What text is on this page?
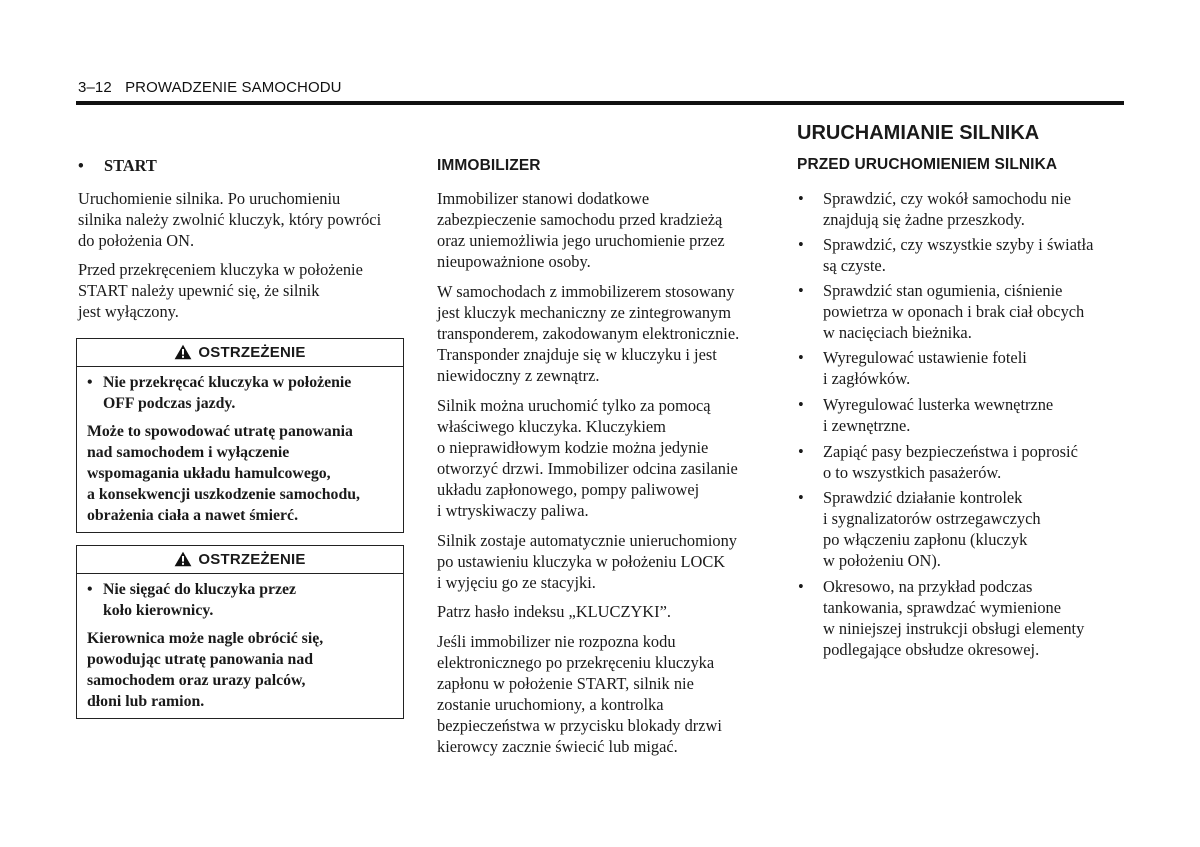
3–12 PROWADZENIE SAMOCHODU
• START
Uruchomienie silnika. Po uruchomieniu
silnika należy zwolnić kluczyk, który powróci
do położenia ON.
Przed przekręceniem kluczyka w położenie
START należy upewnić się, że silnik
jest wyłączony.
OSTRZEŻENIE
• Nie przekręcać kluczyka w położenie
OFF podczas jazdy.
Może to spowodować utratę panowania
nad samochodem i wyłączenie
wspomagania układu hamulcowego,
a konsekwencji uszkodzenie samochodu,
obrażenia ciała a nawet śmierć.
OSTRZEŻENIE
• Nie sięgać do kluczyka przez
koło kierownicy.
Kierownica może nagle obrócić się,
powodując utratę panowania nad
samochodem oraz urazy palców,
dłoni lub ramion.
IMMOBILIZER
Immobilizer stanowi dodatkowe
zabezpieczenie samochodu przed kradzieżą
oraz uniemożliwia jego uruchomienie przez
nieupoważnione osoby.
W samochodach z immobilizerem stosowany
jest kluczyk mechaniczny ze zintegrowanym
transponderem, zakodowanym elektronicznie.
Transponder znajduje się w kluczyku i jest
niewidoczny z zewnątrz.
Silnik można uruchomić tylko za pomocą
właściwego kluczyka. Kluczykiem
o nieprawidłowym kodzie można jedynie
otworzyć drzwi. Immobilizer odcina zasilanie
układu zapłonowego, pompy paliwowej
i wtryskiwaczy paliwa.
Silnik zostaje automatycznie unieruchomiony
po ustawieniu kluczyka w położeniu LOCK
i wyjęciu go ze stacyjki.
Patrz hasło indeksu „KLUCZYKI”.
Jeśli immobilizer nie rozpozna kodu
elektronicznego po przekręceniu kluczyka
zapłonu w położenie START, silnik nie
zostanie uruchomiony, a kontrolka
bezpieczeństwa w przycisku blokady drzwi
kierowcy zacznie świecić lub migać.
URUCHAMIANIE SILNIKA
PRZED URUCHOMIENIEM SILNIKA
•	Sprawdzić, czy wokół samochodu nie
znajdują się żadne przeszkody.
•	Sprawdzić, czy wszystkie szyby i światła
są czyste.
•	Sprawdzić stan ogumienia, ciśnienie
powietrza w oponach i brak ciał obcych
w nacięciach bieżnika.
•	Wyregulować ustawienie foteli
i zagłówków.
•	Wyregulować lusterka wewnętrzne
i zewnętrzne.
•	Zapiąć pasy bezpieczeństwa i poprosić
o to wszystkich pasażerów.
•	Sprawdzić działanie kontrolek
i sygnalizatorów ostrzegawczych
po włączeniu zapłonu (kluczyk
w położeniu ON).
•	Okresowo, na przykład podczas
tankowania, sprawdzać wymienione
w niniejszej instrukcji obsługi elementy
podlegające obsłudze okresowej.
